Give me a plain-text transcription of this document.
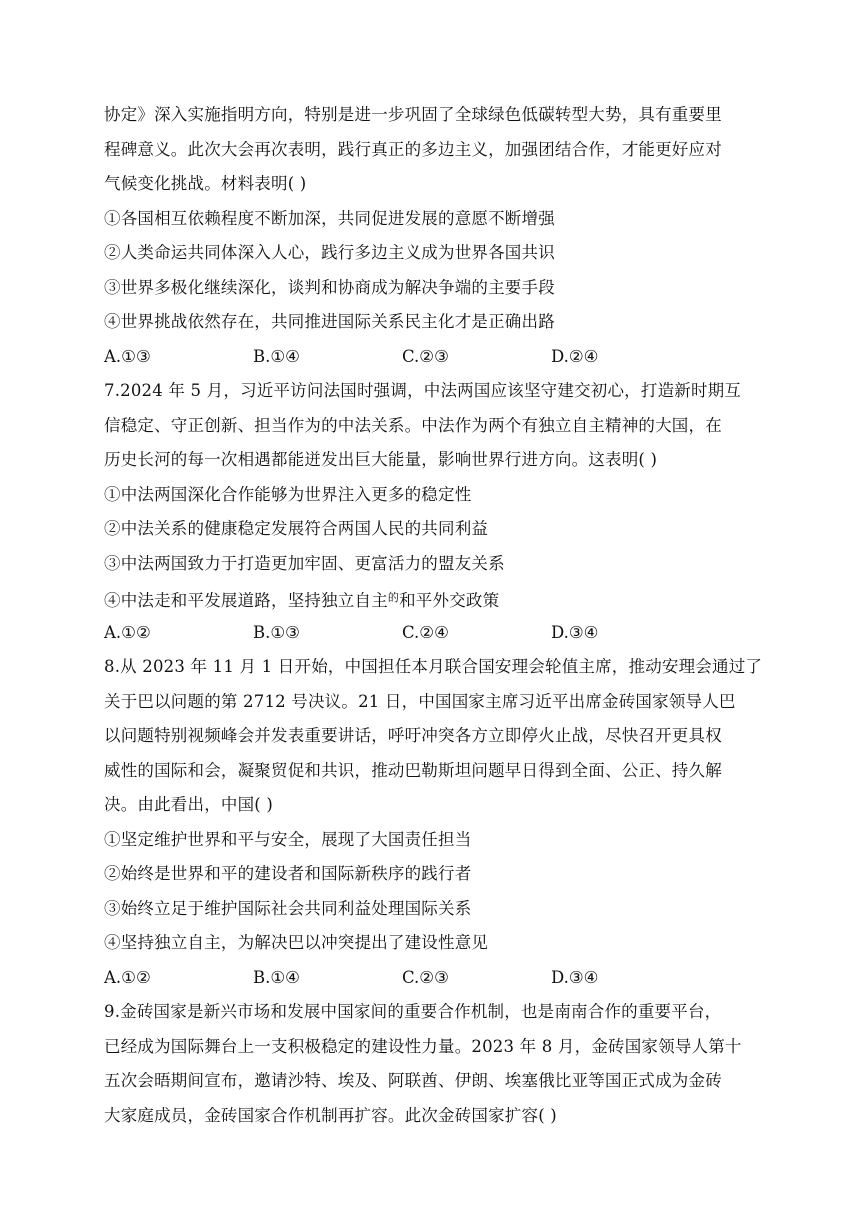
协定》深入实施指明方向，特别是进一步巩固了全球绿色低碳转型大势，具有重要里
程碑意义。此次大会再次表明，践行真正的多边主义，加强团结合作，才能更好应对
气候变化挑战。材料表明( )
①各国相互依赖程度不断加深，共同促进发展的意愿不断增强
②人类命运共同体深入人心，践行多边主义成为世界各国共识
③世界多极化继续深化，谈判和协商成为解决争端的主要手段
④世界挑战依然存在，共同推进国际关系民主化才是正确出路
A.①③	B.①④	C.②③	D.②④
7.2024 年 5 月，习近平访问法国时强调，中法两国应该坚守建交初心，打造新时期互
信稳定、守正创新、担当作为的中法关系。中法作为两个有独立自主精神的大国，在
历史长河的每一次相遇都能迸发出巨大能量，影响世界行进方向。这表明( )
①中法两国深化合作能够为世界注入更多的稳定性
②中法关系的健康稳定发展符合两国人民的共同利益
③中法两国致力于打造更加牢固、更富活力的盟友关系
④中法走和平发展道路，坚持独立自主$^的$和平外交政策
A.①②	B.①③	C.②④	D.③④
8.从 2023 年 11 月 1 日开始，中国担任本月联合国安理会轮值主席，推动安理会通过了
关于巴以问题的第 2712 号决议。21 日，中国国家主席习近平出席金砖国家领导人巴
以问题特别视频峰会并发表重要讲话，呼吁冲突各方立即停火止战，尽快召开更具权
威性的国际和会，凝聚贸促和共识，推动巴勒斯坦问题早日得到全面、公正、持久解
决。由此看出，中国( )
①坚定维护世界和平与安全，展现了大国责任担当
②始终是世界和平的建设者和国际新秩序的践行者
③始终立足于维护国际社会共同利益处理国际关系
④坚持独立自主，为解决巴以冲突提出了建设性意见
A.①②	B.①④	C.②③	D.③④
9.金砖国家是新兴市场和发展中国家间的重要合作机制，也是南南合作的重要平台，
已经成为国际舞台上一支积极稳定的建设性力量。2023 年 8 月，金砖国家领导人第十
五次会晤期间宣布，邀请沙特、埃及、阿联酋、伊朗、埃塞俄比亚等国正式成为金砖
大家庭成员，金砖国家合作机制再扩容。此次金砖国家扩容( )
